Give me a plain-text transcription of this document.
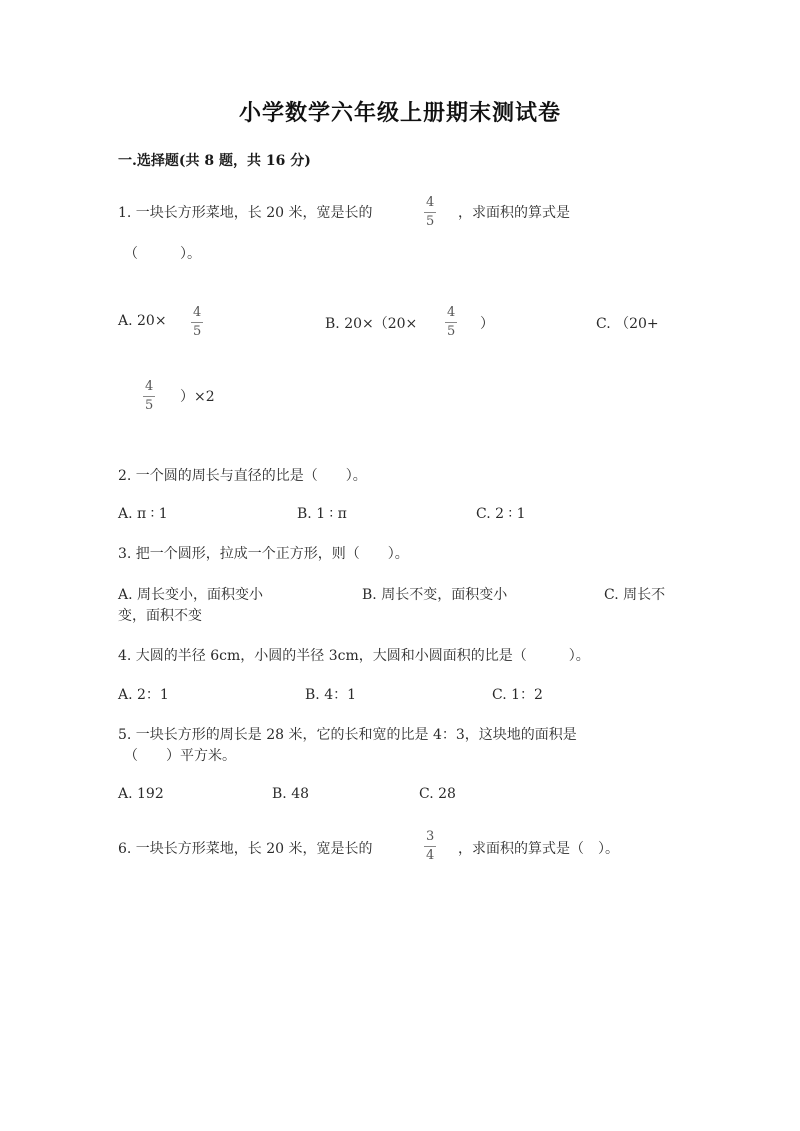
小学数学六年级上册期末测试卷
一.选择题(共 8 题，共 16 分)
1. 一块长方形菜地，长 20 米，宽是长的
4
5
，求面积的算式是
（　　　）。
A. 20×
4
5	B. 20×（20×
4
5 ）	C. （20+
4
5
）×2
2. 一个圆的周长与直径的比是（　　）。
A. π ∶ 1	B. 1 ∶ π	C. 2 ∶ 1
3. 把一个圆形，拉成一个正方形，则（　　）。
A. 周长变小，面积变小	B. 周长不变，面积变小	C. 周长不
变，面积不变
4. 大圆的半径 6cm，小圆的半径 3cm，大圆和小圆面积的比是（　　　）。
A. 2：1	B. 4：1	C. 1：2
5. 一块长方形的周长是 28 米，它的长和宽的比是 4：3，这块地的面积是
（　　）平方米。
A. 192	B. 48	C. 28
6. 一块长方形菜地，长 20 米，宽是长的
3
4 ，求面积的算式是（　）。
